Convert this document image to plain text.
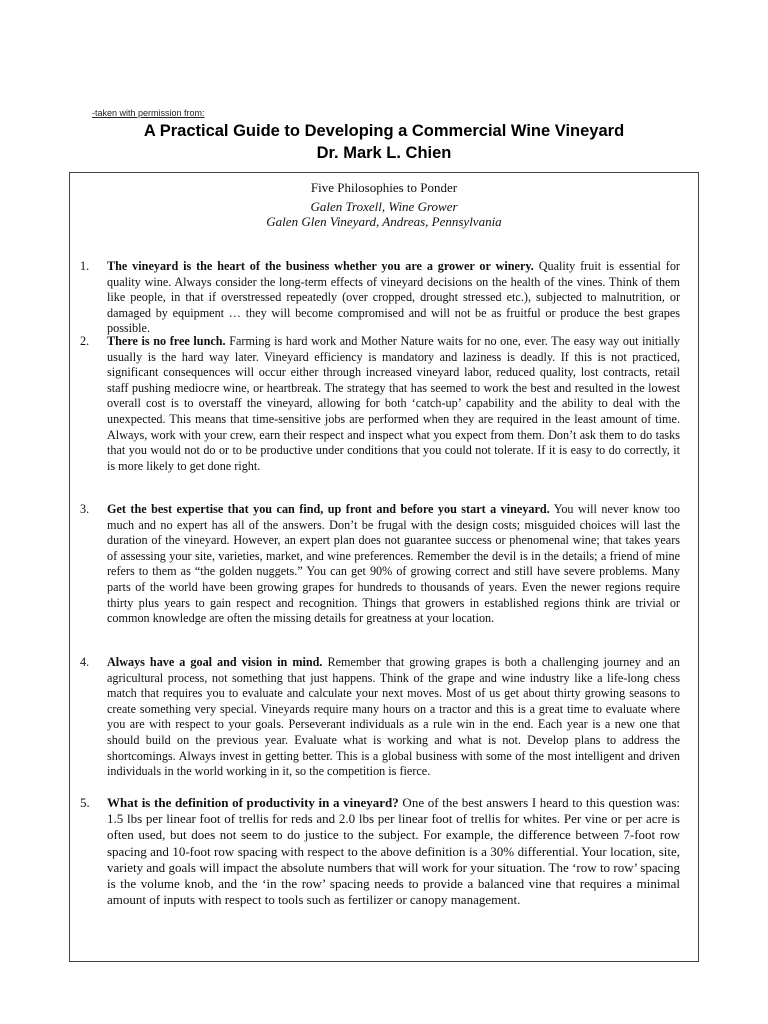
-taken with permission from:
A Practical Guide to Developing a Commercial Wine Vineyard
Dr. Mark L. Chien
Five Philosophies to Ponder
Galen Troxell, Wine Grower
Galen Glen Vineyard, Andreas, Pennsylvania
1. The vineyard is the heart of the business whether you are a grower or winery. Quality fruit is essential for quality wine. Always consider the long-term effects of vineyard decisions on the health of the vines. Think of them like people, in that if overstressed repeatedly (over cropped, drought stressed etc.), subjected to malnutrition, or damaged by equipment … they will become compromised and will not be as fruitful or produce the best grapes possible.
2. There is no free lunch. Farming is hard work and Mother Nature waits for no one, ever. The easy way out initially usually is the hard way later. Vineyard efficiency is mandatory and laziness is deadly. If this is not practiced, significant consequences will occur either through increased vineyard labor, reduced quality, lost contracts, retail staff pushing mediocre wine, or heartbreak. The strategy that has seemed to work the best and resulted in the lowest overall cost is to overstaff the vineyard, allowing for both ‘catch-up’ capability and the ability to deal with the unexpected. This means that time-sensitive jobs are performed when they are required in the least amount of time. Always, work with your crew, earn their respect and inspect what you expect from them. Don’t ask them to do tasks that you would not do or to be productive under conditions that you could not tolerate. If it is easy to do correctly, it is more likely to get done right.
3. Get the best expertise that you can find, up front and before you start a vineyard. You will never know too much and no expert has all of the answers. Don’t be frugal with the design costs; misguided choices will last the duration of the vineyard. However, an expert plan does not guarantee success or phenomenal wine; that takes years of assessing your site, varieties, market, and wine preferences. Remember the devil is in the details; a friend of mine refers to them as “the golden nuggets.” You can get 90% of growing correct and still have severe problems. Many parts of the world have been growing grapes for hundreds to thousands of years. Even the newer regions require thirty plus years to gain respect and recognition. Things that growers in established regions think are trivial or common knowledge are often the missing details for greatness at your location.
4. Always have a goal and vision in mind. Remember that growing grapes is both a challenging journey and an agricultural process, not something that just happens. Think of the grape and wine industry like a life-long chess match that requires you to evaluate and calculate your next moves. Most of us get about thirty growing seasons to create something very special. Vineyards require many hours on a tractor and this is a great time to evaluate where you are with respect to your goals. Perseverant individuals as a rule win in the end. Each year is a new one that should build on the previous year. Evaluate what is working and what is not. Develop plans to address the shortcomings. Always invest in getting better. This is a global business with some of the most intelligent and driven individuals in the world working in it, so the competition is fierce.
5. What is the definition of productivity in a vineyard? One of the best answers I heard to this question was: 1.5 lbs per linear foot of trellis for reds and 2.0 lbs per linear foot of trellis for whites. Per vine or per acre is often used, but does not seem to do justice to the subject. For example, the difference between 7-foot row spacing and 10-foot row spacing with respect to the above definition is a 30% differential. Your location, site, variety and goals will impact the absolute numbers that will work for your situation. The ‘row to row’ spacing is the volume knob, and the ‘in the row’ spacing needs to provide a balanced vine that requires a minimal amount of inputs with respect to tools such as fertilizer or canopy management.
